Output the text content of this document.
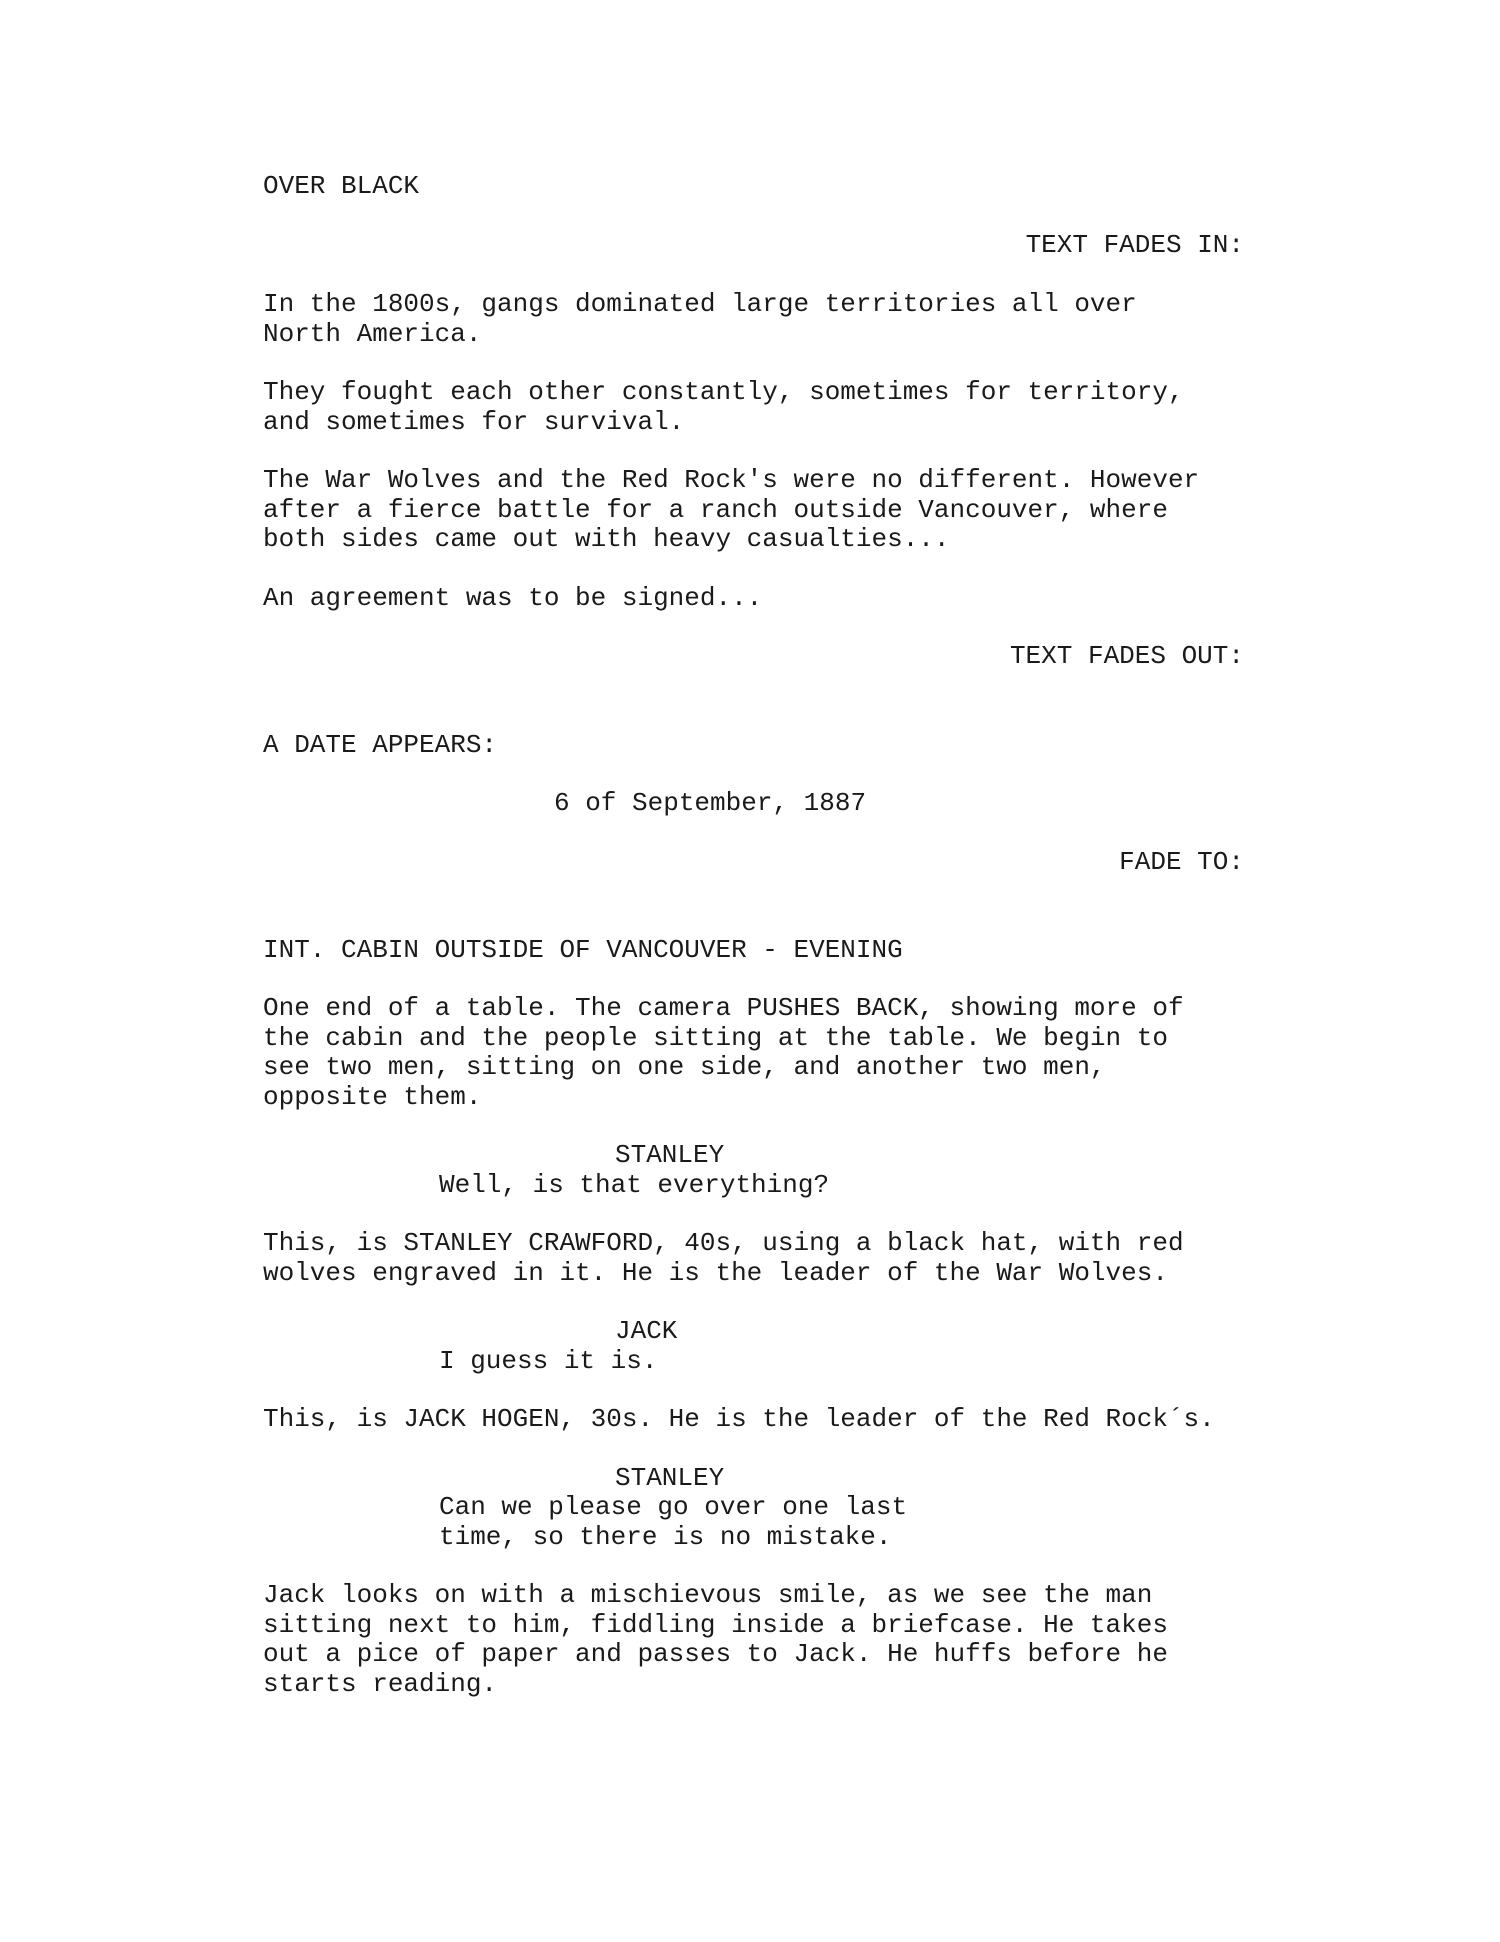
OVER BLACK
TEXT FADES IN:
In the 1800s, gangs dominated large territories all over
North America.
They fought each other constantly, sometimes for territory,
and sometimes for survival.
The War Wolves and the Red Rock's were no different. However
after a fierce battle for a ranch outside Vancouver, where
both sides came out with heavy casualties...
An agreement was to be signed...
TEXT FADES OUT:
A DATE APPEARS:
6 of September, 1887
FADE TO:
INT. CABIN OUTSIDE OF VANCOUVER - EVENING
One end of a table. The camera PUSHES BACK, showing more of
the cabin and the people sitting at the table. We begin to
see two men, sitting on one side, and another two men,
opposite them.
STANLEY
Well, is that everything?
This, is STANLEY CRAWFORD, 40s, using a black hat, with red
wolves engraved in it. He is the leader of the War Wolves.
JACK
I guess it is.
This, is JACK HOGEN, 30s. He is the leader of the Red Rock´s.
STANLEY
Can we please go over one last
time, so there is no mistake.
Jack looks on with a mischievous smile, as we see the man
sitting next to him, fiddling inside a briefcase. He takes
out a pice of paper and passes to Jack. He huffs before he
starts reading.
